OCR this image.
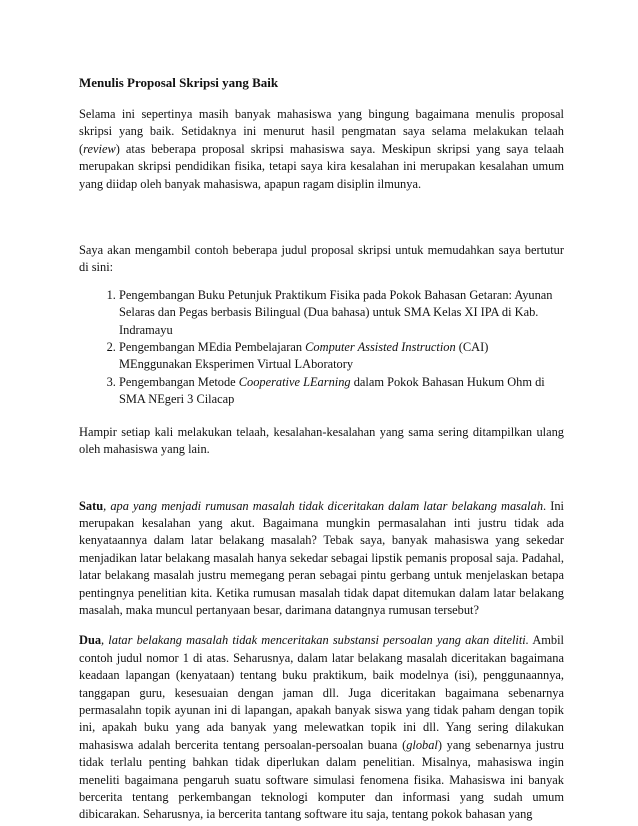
Menulis Proposal Skripsi yang Baik

Selama ini sepertinya masih banyak mahasiswa yang bingung bagaimana menulis proposal skripsi yang baik. Setidaknya ini menurut hasil pengmatan saya selama melakukan telaah (review) atas beberapa proposal skripsi mahasiswa saya. Meskipun skripsi yang saya telaah merupakan skripsi pendidikan fisika, tetapi saya kira kesalahan ini merupakan kesalahan umum yang diidap oleh banyak mahasiswa, apapun ragam disiplin ilmunya.

Saya akan mengambil contoh beberapa judul proposal skripsi untuk memudahkan saya bertutur di sini:

1. Pengembangan Buku Petunjuk Praktikum Fisika pada Pokok Bahasan Getaran: Ayunan Selaras dan Pegas berbasis Bilingual (Dua bahasa) untuk SMA Kelas XI IPA di Kab. Indramayu
2. Pengembangan MEdia Pembelajaran Computer Assisted Instruction (CAI) MEnggunakan Eksperimen Virtual LAboratory
3. Pengembangan Metode Cooperative LEarning dalam Pokok Bahasan Hukum Ohm di SMA NEgeri 3 Cilacap

Hampir setiap kali melakukan telaah, kesalahan-kesalahan yang sama sering ditampilkan ulang oleh mahasiswa yang lain.

Satu, apa yang menjadi rumusan masalah tidak diceritakan dalam latar belakang masalah. Ini merupakan kesalahan yang akut. Bagaimana mungkin permasalahan inti justru tidak ada kenyataannya dalam latar belakang masalah? Tebak saya, banyak mahasiswa yang sekedar menjadikan latar belakang masalah hanya sekedar sebagai lipstik pemanis proposal saja. Padahal, latar belakang masalah justru memegang peran sebagai pintu gerbang untuk menjelaskan betapa pentingnya penelitian kita. Ketika rumusan masalah tidak dapat ditemukan dalam latar belakang masalah, maka muncul pertanyaan besar, darimana datangnya rumusan tersebut?

Dua, latar belakang masalah tidak menceritakan substansi persoalan yang akan diteliti. Ambil contoh judul nomor 1 di atas. Seharusnya, dalam latar belakang masalah diceritakan bagaimana keadaan lapangan (kenyataan) tentang buku praktikum, baik modelnya (isi), penggunaannya, tanggapan guru, kesesuaian dengan jaman dll. Juga diceritakan bagaimana sebenarnya permasalahn topik ayunan ini di lapangan, apakah banyak siswa yang tidak paham dengan topik ini, apakah buku yang ada banyak yang melewatkan topik ini dll. Yang sering dilakukan mahasiswa adalah bercerita tentang persoalan-persoalan buana (global) yang sebenarnya justru tidak terlalu penting bahkan tidak diperlukan dalam penelitian. Misalnya, mahasiswa ingin meneliti bagaimana pengaruh suatu software simulasi fenomena fisika. Mahasiswa ini banyak bercerita tentang perkembangan teknologi komputer dan informasi yang sudah umum dibicarakan. Seharusnya, ia bercerita tantang software itu saja, tentang pokok bahasan yang
